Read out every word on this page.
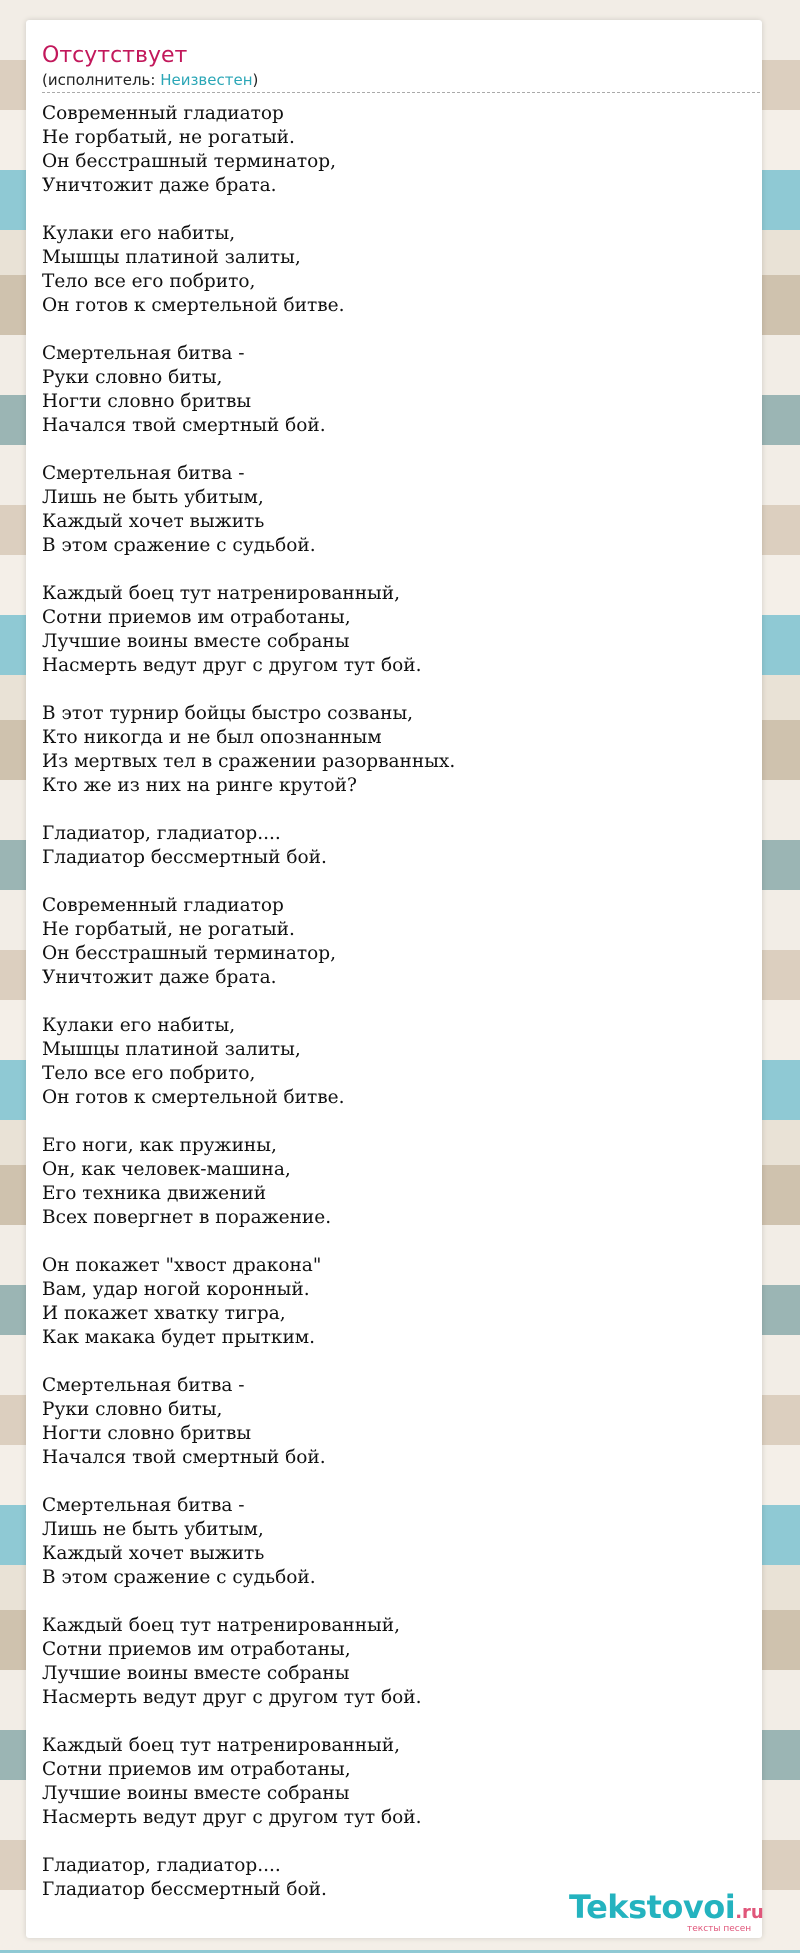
Отсутствует
(исполнитель: Неизвестен)
Современный гладиатор
Не горбатый, не рогатый.
Он бесстрашный терминатор,
Уничтожит даже брата.
Кулаки его набиты,
Мышцы платиной залиты,
Тело все его побрито,
Он готов к смертельной битве.
Смертельная битва -
Руки словно биты,
Ногти словно бритвы
Начался твой смертный бой.
Смертельная битва -
Лишь не быть убитым,
Каждый хочет выжить
В этом сражение с судьбой.
Каждый боец тут натренированный,
Сотни приемов им отработаны,
Лучшие воины вместе собраны
Насмерть ведут друг с другом тут бой.
В этот турнир бойцы быстро созваны,
Кто никогда и не был опознанным
Из мертвых тел в сражении разорванных.
Кто же из них на ринге крутой?
Гладиатор, гладиатор....
Гладиатор бессмертный бой.
Современный гладиатор
Не горбатый, не рогатый.
Он бесстрашный терминатор,
Уничтожит даже брата.
Кулаки его набиты,
Мышцы платиной залиты,
Тело все его побрито,
Он готов к смертельной битве.
Его ноги, как пружины,
Он, как человек-машина,
Его техника движений
Всех повергнет в поражение.
Он покажет "хвост дракона"
Вам, удар ногой коронный.
И покажет хватку тигра,
Как макака будет прытким.
Смертельная битва -
Руки словно биты,
Ногти словно бритвы
Начался твой смертный бой.
Смертельная битва -
Лишь не быть убитым,
Каждый хочет выжить
В этом сражение с судьбой.
Каждый боец тут натренированный,
Сотни приемов им отработаны,
Лучшие воины вместе собраны
Насмерть ведут друг с другом тут бой.
Каждый боец тут натренированный,
Сотни приемов им отработаны,
Лучшие воины вместе собраны
Насмерть ведут друг с другом тут бой.
Гладиатор, гладиатор....
Гладиатор бессмертный бой.	Tekstovoi.ru
тексты песен
